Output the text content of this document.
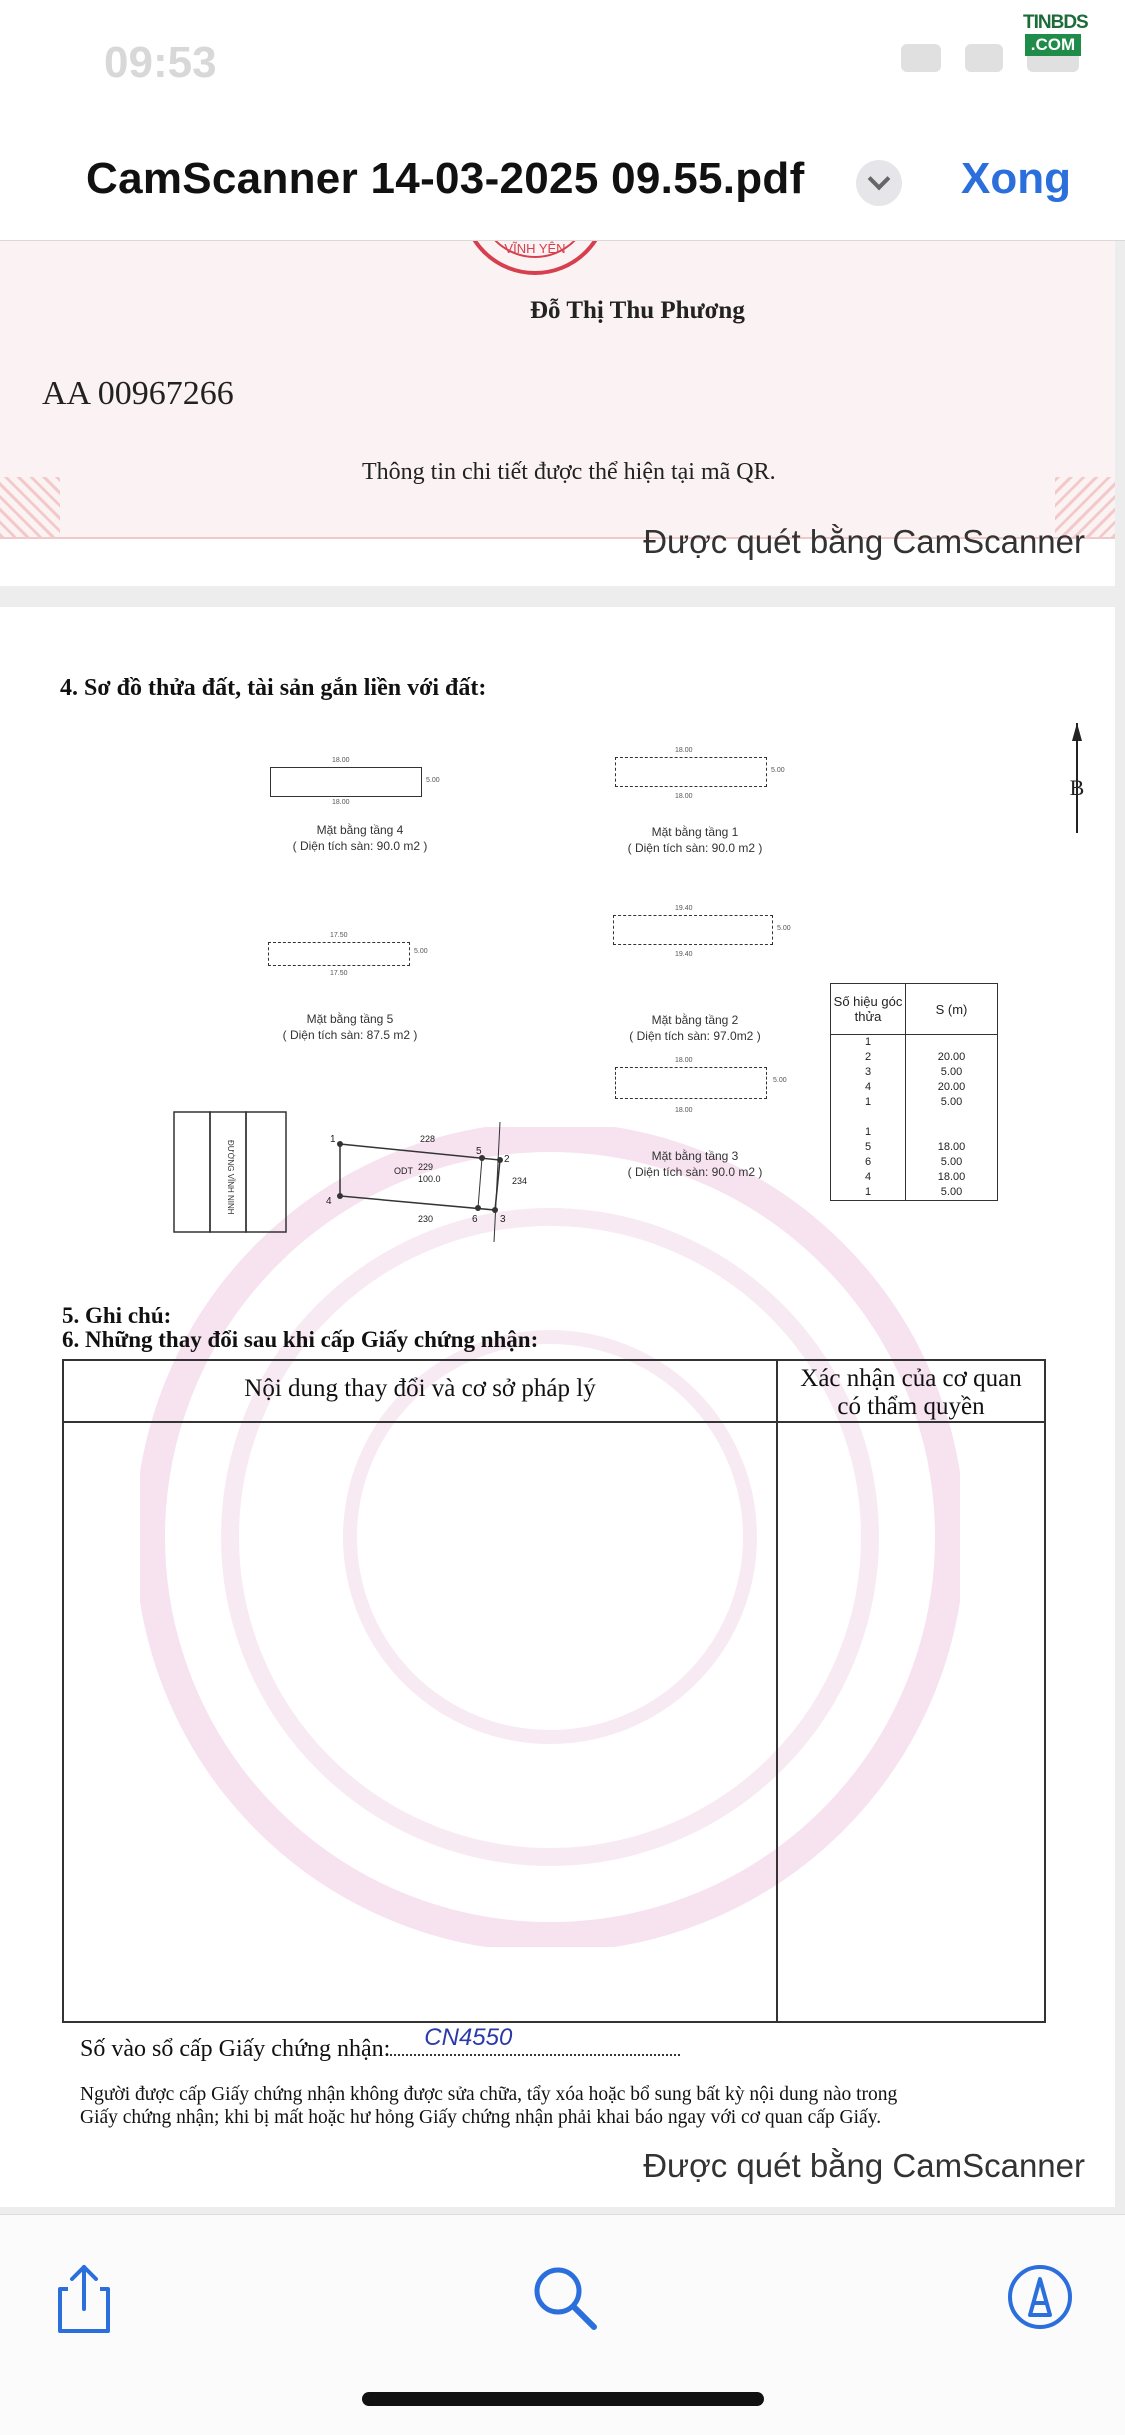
09:53
TINBDS
.COM
CamScanner 14-03-2025 09.55.pdf	Xong
VĨNH YÊN
Đỗ Thị Thu Phương
AA 00967266
Thông tin chi tiết được thể hiện tại mã QR.
Được quét bằng CamScanner
4. Sơ đồ thửa đất, tài sản gắn liền với đất:
B
18.00
5.00
18.00
Mặt bằng tầng 4
( Diện tích sàn: 90.0 m2 )
18.00
5.00
18.00
Mặt bằng tầng 1
( Diện tích sàn: 90.0 m2 )
17.50
5.00
17.50
Mặt bằng tầng 5
( Diện tích sàn: 87.5 m2 )
19.40
5.00
19.40
Mặt bằng tầng 2
( Diện tích sàn: 97.0m2 )
18.00
5.00
18.00
Mặt bằng tầng 3
( Diện tích sàn: 90.0 m2 )
ĐƯỜNG VĨNH NINH
1
2
3
4
5
6
228
234
230
ODT 229
100.0
Số hiệu góc thửa	S (m)
1	
2	20.00
3	5.00
4	20.00
1	5.00

1	
5	18.00
6	5.00
4	18.00
1	5.00
5. Ghi chú:
6. Những thay đổi sau khi cấp Giấy chứng nhận:
Nội dung thay đổi và cơ sở pháp lý	Xác nhận của cơ quan
có thẩm quyền
Số vào sổ cấp Giấy chứng nhận: CN4550
Người được cấp Giấy chứng nhận không được sửa chữa, tẩy xóa hoặc bổ sung bất kỳ nội dung nào trong
Giấy chứng nhận; khi bị mất hoặc hư hỏng Giấy chứng nhận phải khai báo ngay với cơ quan cấp Giấy.
Được quét bằng CamScanner
